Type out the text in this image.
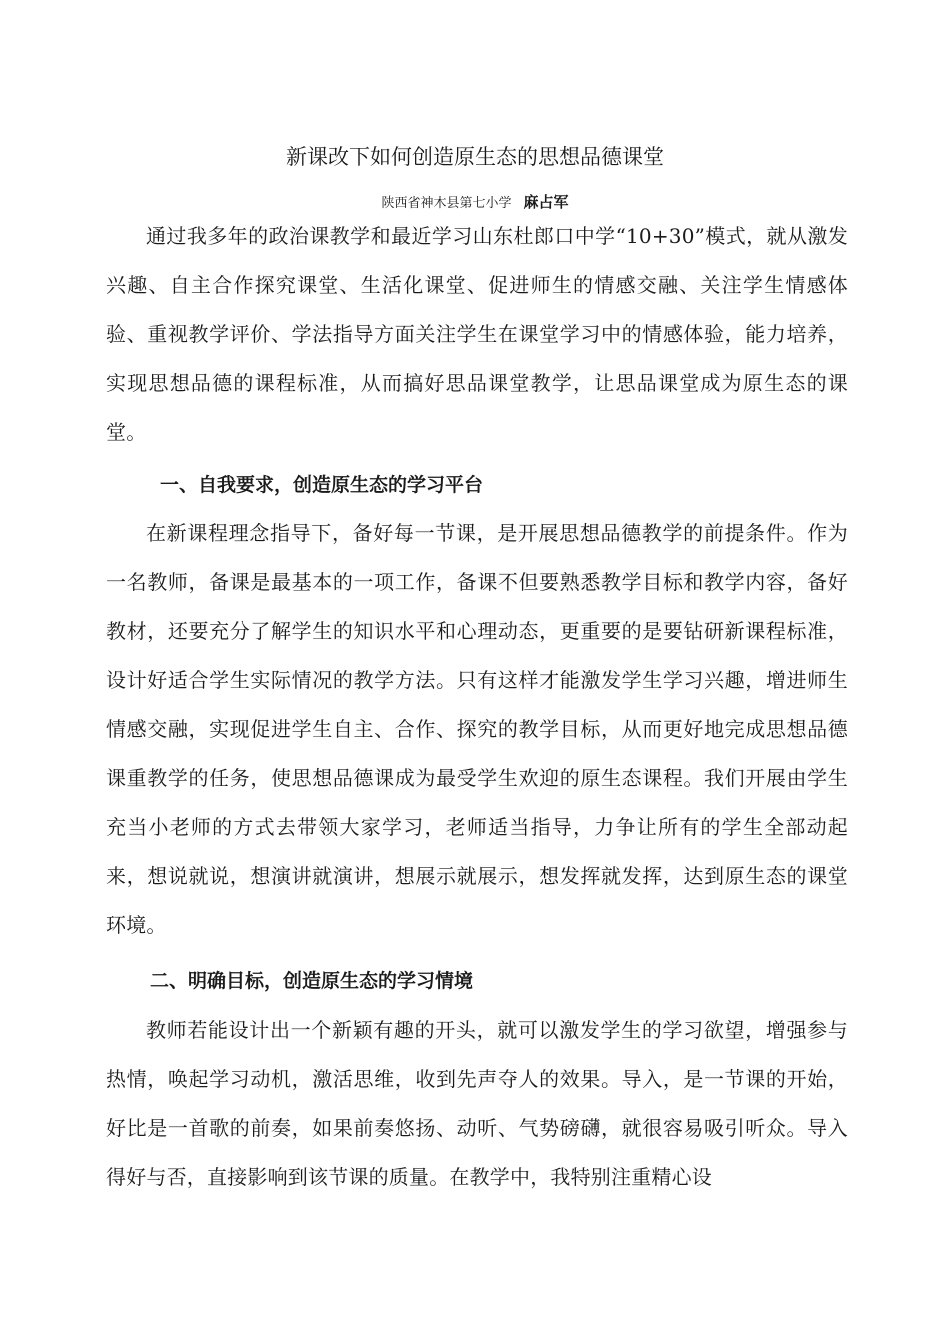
新课改下如何创造原生态的思想品德课堂
陕西省神木县第七小学 麻占军

通过我多年的政治课教学和最近学习山东杜郎口中学“10+30”模式，就从激发兴趣、自主合作探究课堂、生活化课堂、促进师生的情感交融、关注学生情感体验、重视教学评价、学法指导方面关注学生在课堂学习中的情感体验，能力培养，实现思想品德的课程标准，从而搞好思品课堂教学，让思品课堂成为原生态的课堂。

一、自我要求，创造原生态的学习平台

在新课程理念指导下，备好每一节课，是开展思想品德教学的前提条件。作为一名教师，备课是最基本的一项工作，备课不但要熟悉教学目标和教学内容，备好教材，还要充分了解学生的知识水平和心理动态，更重要的是要钻研新课程标准，设计好适合学生实际情况的教学方法。只有这样才能激发学生学习兴趣，增进师生情感交融，实现促进学生自主、合作、探究的教学目标，从而更好地完成思想品德课重教学的任务，使思想品德课成为最受学生欢迎的原生态课程。我们开展由学生充当小老师的方式去带领大家学习，老师适当指导，力争让所有的学生全部动起来，想说就说，想演讲就演讲，想展示就展示，想发挥就发挥，达到原生态的课堂环境。

二、明确目标，创造原生态的学习情境

教师若能设计出一个新颖有趣的开头，就可以激发学生的学习欲望，增强参与热情，唤起学习动机，激活思维，收到先声夺人的效果。导入，是一节课的开始，好比是一首歌的前奏，如果前奏悠扬、动听、气势磅礴，就很容易吸引听众。导入得好与否，直接影响到该节课的质量。在教学中，我特别注重精心设
